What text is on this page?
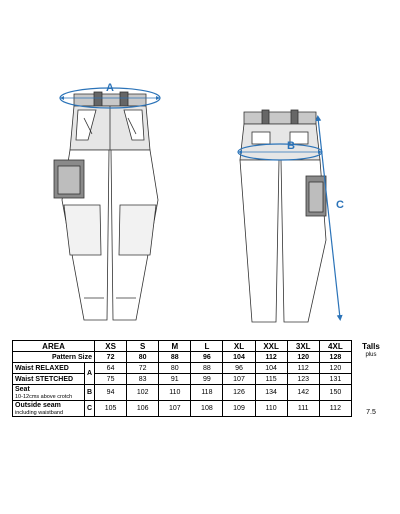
A
B
C
AREA		XS	S	M	L	XL	XXL	3XL	4XL
Pattern Size		72	80	88	96	104	112	120	128
Waist RELAXED	A	64	72	80	88	96	104	112	120
Waist STETCHED		75	83	91	99	107	115	123	131
Seat
10-12cms above crotch	B	94	102	110	118	126	134	142	150
Outside seam
including waistband	C	105	106	107	108	109	110	111	112
Talls
plus
7.5
